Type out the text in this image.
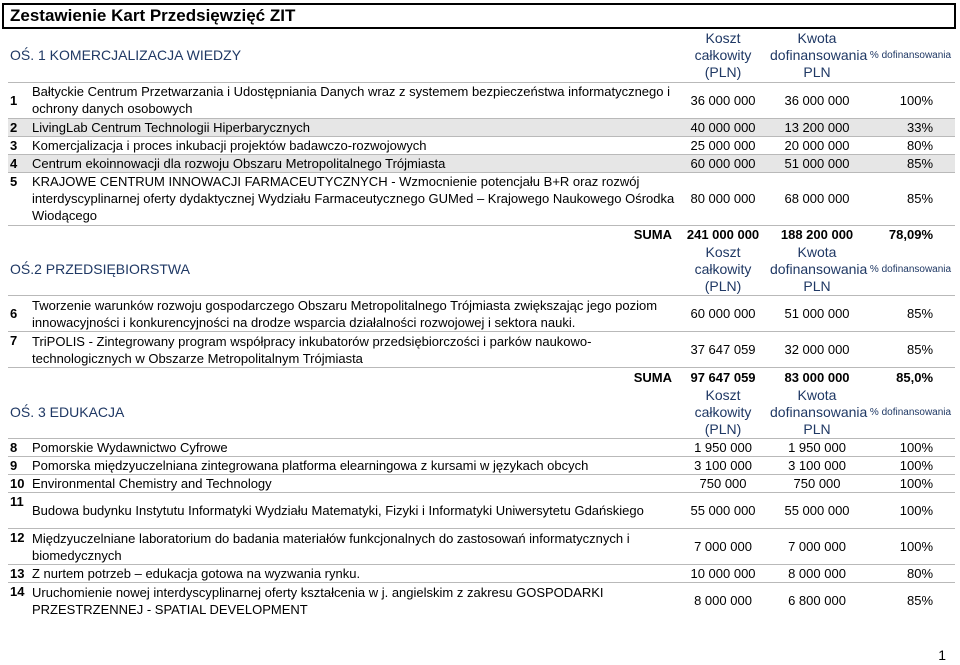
Zestawienie Kart Przedsięwzięć ZIT
OŚ. 1 KOMERCJALIZACJA WIEDZY		Koszt całkowity (PLN)	Kwota dofinansowania PLN	% dofinansowania
1	Bałtyckie Centrum Przetwarzania i Udostępniania Danych wraz z systemem bezpieczeństwa informatycznego i ochrony danych osobowych	36 000 000	36 000 000	100%
2	LivingLab Centrum Technologii Hiperbarycznych	40 000 000	13 200 000	33%
3	Komercjalizacja i proces inkubacji projektów badawczo-rozwojowych	25 000 000	20 000 000	80%
4	Centrum ekoinnowacji dla rozwoju Obszaru Metropolitalnego Trójmiasta	60 000 000	51 000 000	85%
5	KRAJOWE CENTRUM INNOWACJI FARMACEUTYCZNYCH - Wzmocnienie potencjału B+R oraz rozwój interdyscyplinarnej oferty dydaktycznej Wydziału Farmaceutycznego GUMed – Krajowego Naukowego Ośrodka Wiodącego	80 000 000	68 000 000	85%
	SUMA	241 000 000	188 200 000	78,09%
OŚ.2 PRZEDSIĘBIORSTWA		Koszt całkowity (PLN)	Kwota dofinansowania PLN	% dofinansowania
6	Tworzenie warunków rozwoju gospodarczego Obszaru Metropolitalnego Trójmiasta zwiększając jego poziom innowacyjności i konkurencyjności na drodze wsparcia działalności rozwojowej i sektora nauki.	60 000 000	51 000 000	85%
7	TriPOLIS - Zintegrowany program współpracy inkubatorów przedsiębiorczości i parków naukowo-technologicznych w Obszarze Metropolitalnym Trójmiasta	37 647 059	32 000 000	85%
	SUMA	97 647 059	83 000 000	85,0%
OŚ. 3 EDUKACJA		Koszt całkowity (PLN)	Kwota dofinansowania PLN	% dofinansowania
8	Pomorskie Wydawnictwo Cyfrowe	1 950 000	1 950 000	100%
9	Pomorska międzyuczelniana zintegrowana platforma elearningowa z kursami w językach obcych	3 100 000	3 100 000	100%
10	Environmental Chemistry and Technology	750 000	750 000	100%
11	Budowa budynku Instytutu Informatyki Wydziału Matematyki, Fizyki i Informatyki Uniwersytetu Gdańskiego	55 000 000	55 000 000	100%
12	Międzyuczelniane laboratorium do badania materiałów funkcjonalnych do zastosowań informatycznych i biomedycznych	7 000 000	7 000 000	100%
13	Z nurtem potrzeb – edukacja gotowa na wyzwania rynku.	10 000 000	8 000 000	80%
14	Uruchomienie nowej interdyscyplinarnej oferty kształcenia w j. angielskim z zakresu GOSPODARKI PRZESTRZENNEJ - SPATIAL DEVELOPMENT	8 000 000	6 800 000	85%
1
